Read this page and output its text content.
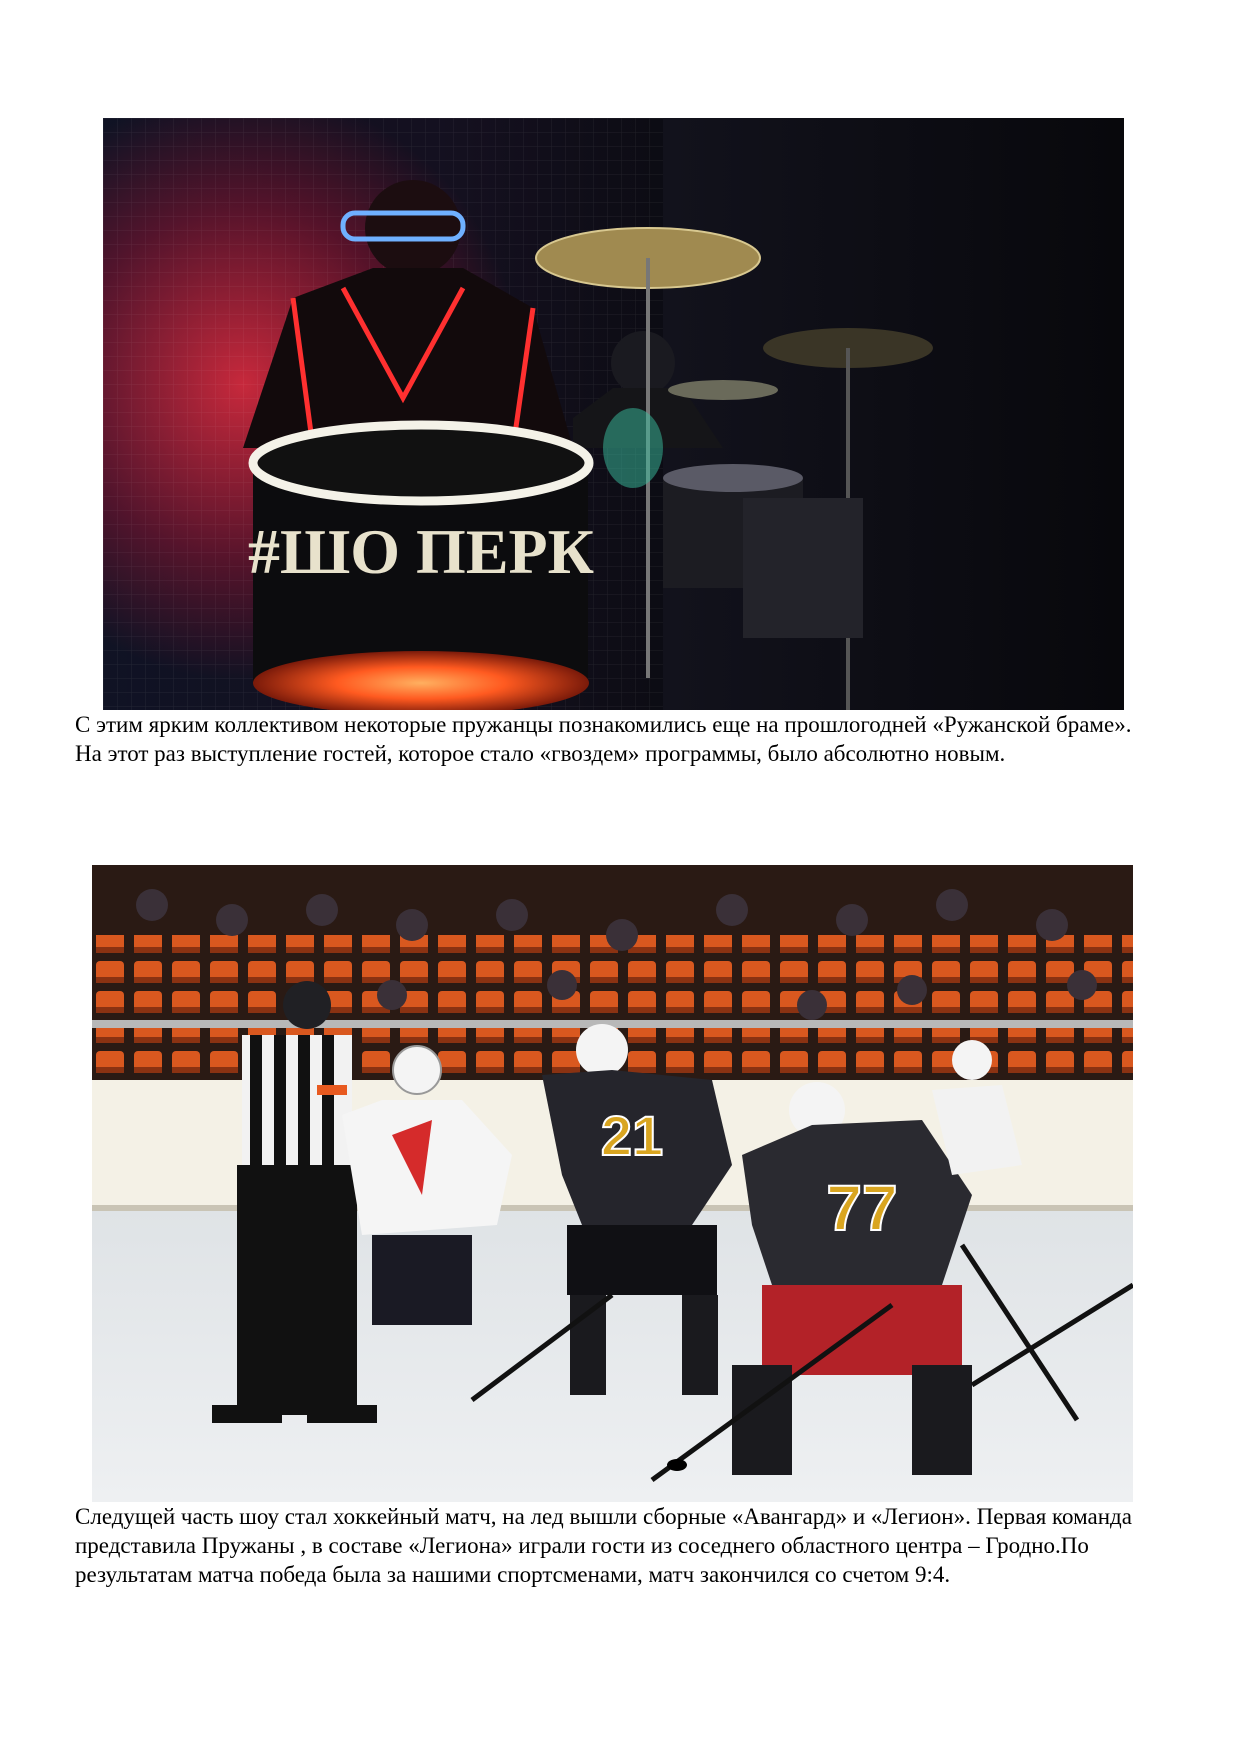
#ШО ПЕРК

С этим ярким коллективом некоторые пружанцы познакомились еще на прошлогодней «Ружанской браме». На этот раз выступление гостей, которое стало «гвоздем» программы, было абсолютно новым.

21
77

Следущей часть шоу стал хоккейный матч, на лед вышли сборные «Авангард» и «Легион». Первая команда представила Пружаны , в составе «Легиона» играли гости из соседнего областного центра – Гродно.По результатам матча победа была за нашими спортсменами, матч закончился со счетом 9:4.
